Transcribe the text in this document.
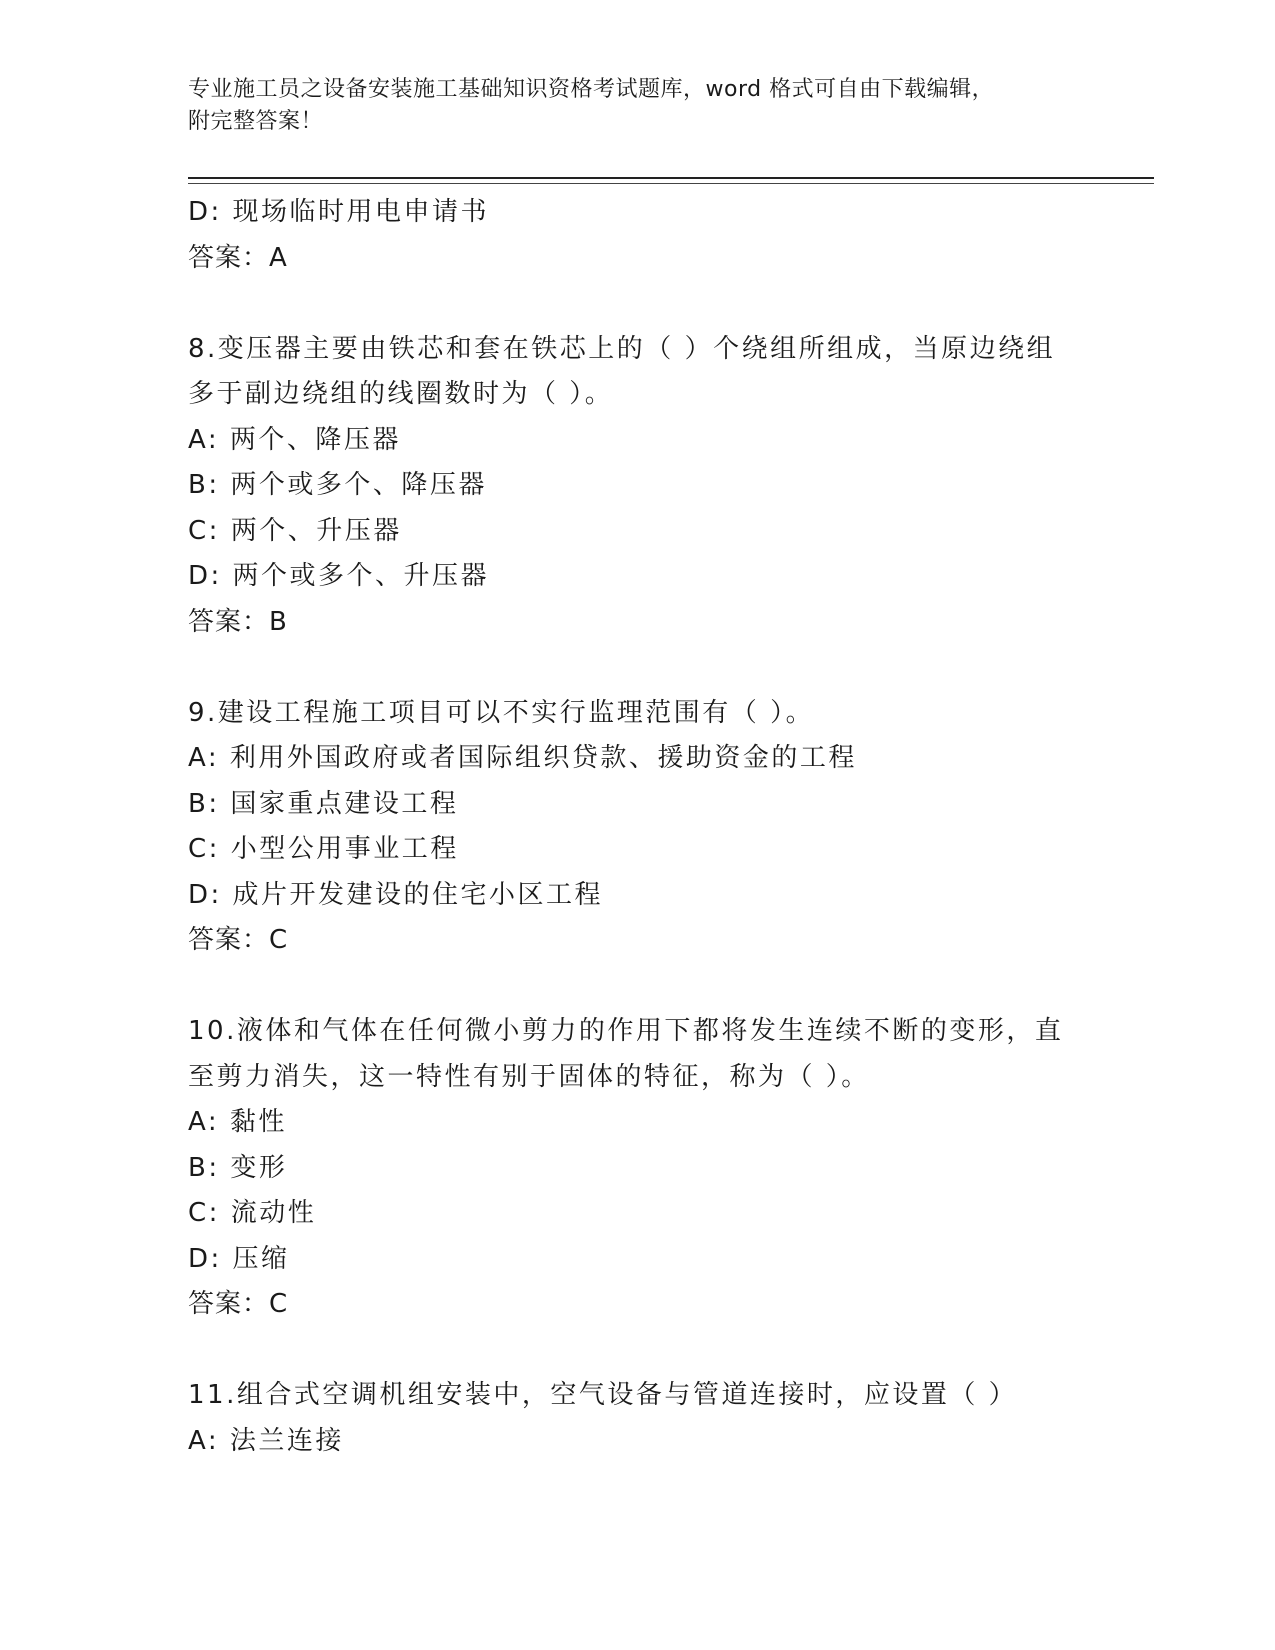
专业施工员之设备安装施工基础知识资格考试题库，word 格式可自由下载编辑，
附完整答案！
D: 现场临时用电申请书
答案：A
8.变压器主要由铁芯和套在铁芯上的（ ）个绕组所组成，当原边绕组
多于副边绕组的线圈数时为（ ）。
A: 两个、降压器
B: 两个或多个、降压器
C: 两个、升压器
D: 两个或多个、升压器
答案：B
9.建设工程施工项目可以不实行监理范围有（ ）。
A: 利用外国政府或者国际组织贷款、援助资金的工程
B: 国家重点建设工程
C: 小型公用事业工程
D: 成片开发建设的住宅小区工程
答案：C
10.液体和气体在任何微小剪力的作用下都将发生连续不断的变形，直
至剪力消失，这一特性有别于固体的特征，称为（ ）。
A: 黏性
B: 变形
C: 流动性
D: 压缩
答案：C
11.组合式空调机组安装中，空气设备与管道连接时，应设置（ ）
A: 法兰连接
